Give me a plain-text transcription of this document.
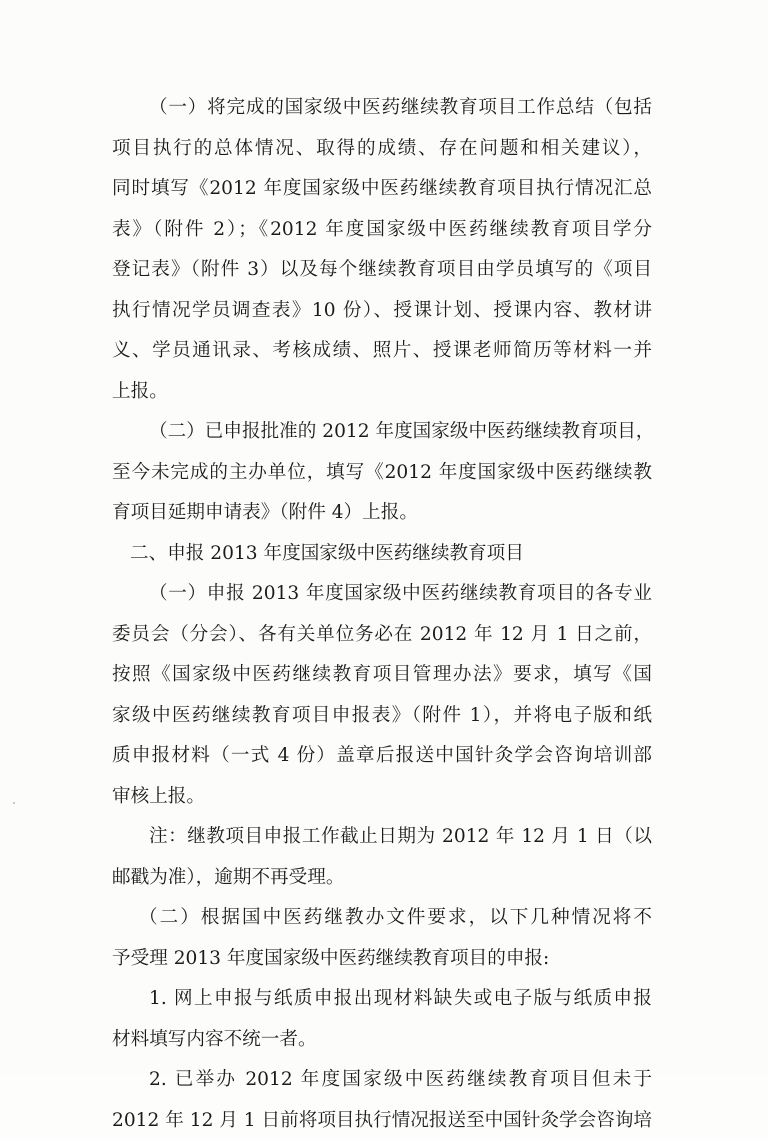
（一）将完成的国家级中医药继续教育项目工作总结（包括
项目执行的总体情况、取得的成绩、存在问题和相关建议），
同时填写《2012 年度国家级中医药继续教育项目执行情况汇总
表》（附件 2）；《2012 年度国家级中医药继续教育项目学分
登记表》（附件 3）以及每个继续教育项目由学员填写的《项目
执行情况学员调查表》10 份）、授课计划、授课内容、教材讲
义、学员通讯录、考核成绩、照片、授课老师简历等材料一并
上报。
（二）已申报批准的 2012 年度国家级中医药继续教育项目，
至今未完成的主办单位，填写《2012 年度国家级中医药继续教
育项目延期申请表》（附件 4）上报。
二、申报 2013 年度国家级中医药继续教育项目
（一）申报 2013 年度国家级中医药继续教育项目的各专业
委员会（分会）、各有关单位务必在 2012 年 12 月 1 日之前，
按照《国家级中医药继续教育项目管理办法》要求，填写《国
家级中医药继续教育项目申报表》（附件 1），并将电子版和纸
质申报材料（一式 4 份）盖章后报送中国针灸学会咨询培训部
审核上报。
注：继教项目申报工作截止日期为 2012 年 12 月 1 日（以
邮戳为准），逾期不再受理。
（二）根据国中医药继教办文件要求，以下几种情况将不
予受理 2013 年度国家级中医药继续教育项目的申报:
1. 网上申报与纸质申报出现材料缺失或电子版与纸质申报
材料填写内容不统一者。
2. 已举办 2012 年度国家级中医药继续教育项目但未于
2012 年 12 月 1 日前将项目执行情况报送至中国针灸学会咨询培
